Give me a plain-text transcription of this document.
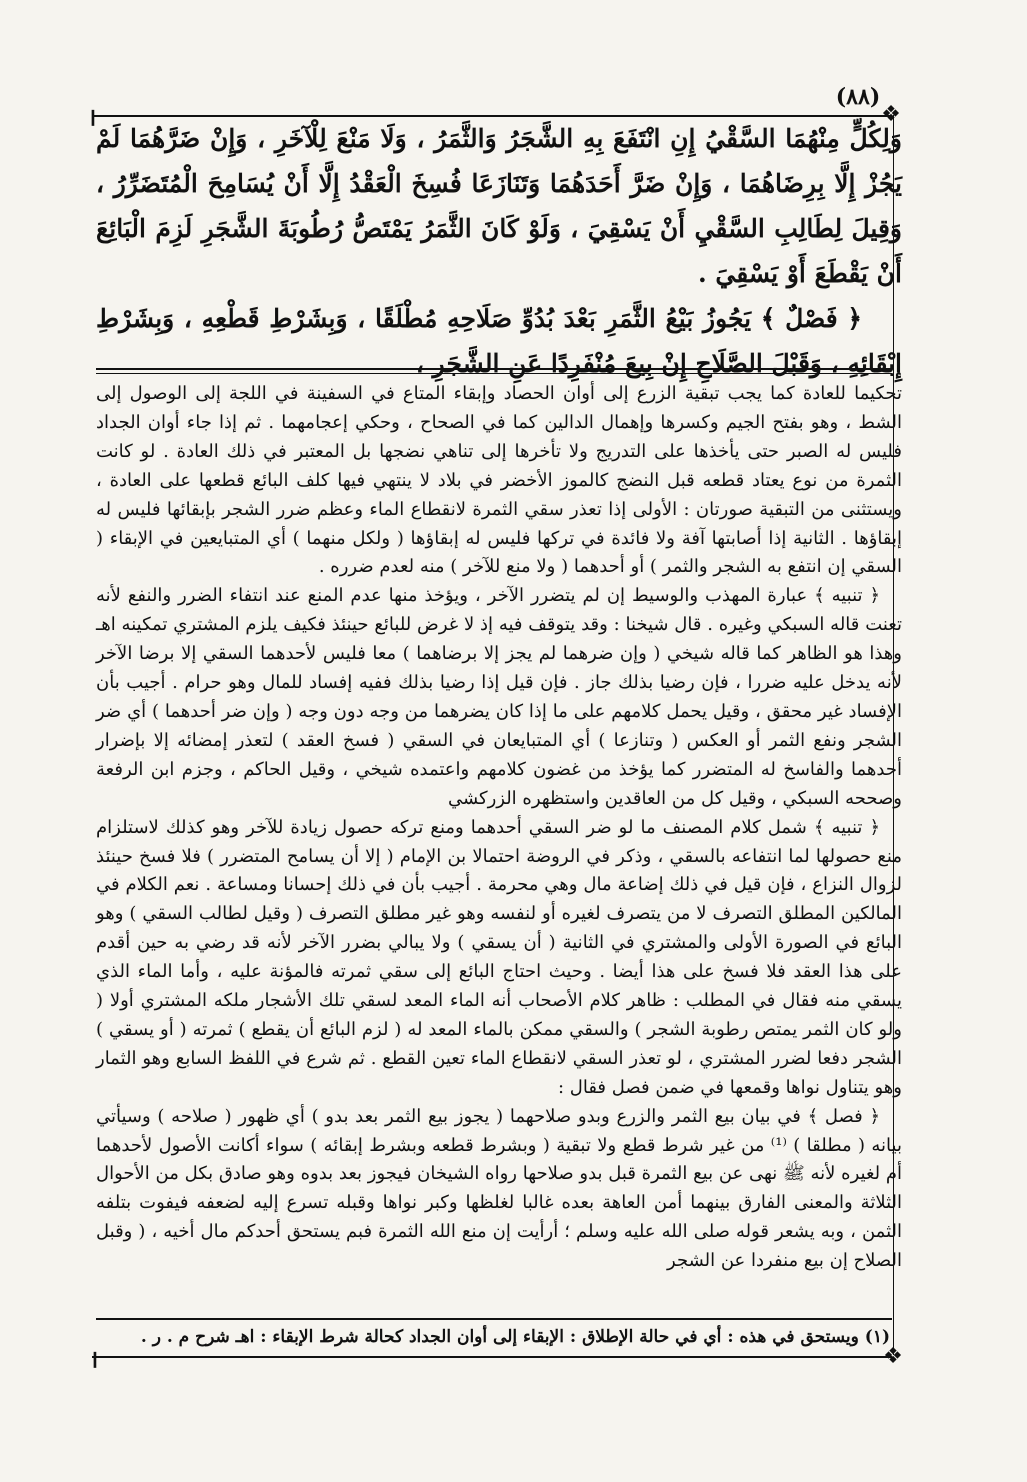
(٨٨)
❖
❙

وَلِكُلٍّ مِنْهُمَا السَّقْيُ إِنِ انْتَفَعَ بِهِ الشَّجَرُ وَالثَّمَرُ ، وَلَا مَنْعَ لِلْآخَرِ ، وَإِنْ ضَرَّهُمَا لَمْ يَجُزْ إِلَّا بِرِضَاهُمَا ، وَإِنْ ضَرَّ أَحَدَهُمَا وَتَنَازَعَا فُسِخَ الْعَقْدُ إِلَّا أَنْ يُسَامِحَ الْمُتَضَرِّرُ ، وَقِيلَ لِطَالِبِ السَّقْيِ أَنْ يَسْقِيَ ، وَلَوْ كَانَ الثَّمَرُ يَمْتَصُّ رُطُوبَةَ الشَّجَرِ لَزِمَ الْبَائِعَ أَنْ يَقْطَعَ أَوْ يَسْقِيَ .

﴿ فَصْلٌ ﴾ يَجُوزُ بَيْعُ الثَّمَرِ بَعْدَ بُدُوِّ صَلَاحِهِ مُطْلَقًا ، وَبِشَرْطِ قَطْعِهِ ، وَبِشَرْطِ إِبْقَائِهِ ، وَقَبْلَ الصَّلَاحِ إِنْ بِيعَ مُنْفَرِدًا عَنِ الشَّجَرِ ،

تحكيما للعادة كما يجب تبقية الزرع إلى أوان الحصاد وإبقاء المتاع في السفينة في اللجة إلى الوصول إلى الشط ، وهو بفتح الجيم وكسرها وإهمال الدالين كما في الصحاح ، وحكي إعجامهما . ثم إذا جاء أوان الجداد فليس له الصبر حتى يأخذها على التدريج ولا تأخرها إلى تناهي نضجها بل المعتبر في ذلك العادة . لو كانت الثمرة من نوع يعتاد قطعه قبل النضج كالموز الأخضر في بلاد لا ينتهي فيها كلف البائع قطعها على العادة ، ويستثنى من التبقية صورتان : الأولى إذا تعذر سقي الثمرة لانقطاع الماء وعظم ضرر الشجر بإبقائها فليس له إبقاؤها . الثانية إذا أصابتها آفة ولا فائدة في تركها فليس له إبقاؤها ( ولكل منهما ) أي المتبايعين في الإبقاء ( السقي إن انتفع به الشجر والثمر ) أو أحدهما ( ولا منع للآخر ) منه لعدم ضرره .

﴿ تنبيه ﴾ عبارة المهذب والوسيط إن لم يتضرر الآخر ، ويؤخذ منها عدم المنع عند انتفاء الضرر والنفع لأنه تعنت قاله السبكي وغيره . قال شيخنا : وقد يتوقف فيه إذ لا غرض للبائع حينئذ فكيف يلزم المشتري تمكينه اهـ وهذا هو الظاهر كما قاله شيخي ( وإن ضرهما لم يجز إلا برضاهما ) معا فليس لأحدهما السقي إلا برضا الآخر لأنه يدخل عليه ضررا ، فإن رضيا بذلك جاز . فإن قيل إذا رضيا بذلك ففيه إفساد للمال وهو حرام . أجيب بأن الإفساد غير محقق ، وقيل يحمل كلامهم على ما إذا كان يضرهما من وجه دون وجه ( وإن ضر أحدهما ) أي ضر الشجر ونفع الثمر أو العكس ( وتنازعا ) أي المتبايعان في السقي ( فسخ العقد ) لتعذر إمضائه إلا بإضرار أحدهما والفاسخ له المتضرر كما يؤخذ من غضون كلامهم واعتمده شيخي ، وقيل الحاكم ، وجزم ابن الرفعة وصححه السبكي ، وقيل كل من العاقدين واستظهره الزركشي

﴿ تنبيه ﴾ شمل كلام المصنف ما لو ضر السقي أحدهما ومنع تركه حصول زيادة للآخر وهو كذلك لاستلزام منع حصولها لما انتفاعه بالسقي ، وذكر في الروضة احتمالا بن الإمام ( إلا أن يسامح المتضرر ) فلا فسخ حينئذ لزوال النزاع ، فإن قيل في ذلك إضاعة مال وهي محرمة . أجيب بأن في ذلك إحسانا ومساعة . نعم الكلام في المالكين المطلق التصرف لا من يتصرف لغيره أو لنفسه وهو غير مطلق التصرف ( وقيل لطالب السقي ) وهو البائع في الصورة الأولى والمشتري في الثانية ( أن يسقي ) ولا يبالي بضرر الآخر لأنه قد رضي به حين أقدم على هذا العقد فلا فسخ على هذا أيضا . وحيث احتاج البائع إلى سقي ثمرته فالمؤنة عليه ، وأما الماء الذي يسقي منه فقال في المطلب : ظاهر كلام الأصحاب أنه الماء المعد لسقي تلك الأشجار ملكه المشتري أولا ( ولو كان الثمر يمتص رطوبة الشجر ) والسقي ممكن بالماء المعد له ( لزم البائع أن يقطع ) ثمرته ( أو يسقي ) الشجر دفعا لضرر المشتري ، لو تعذر السقي لانقطاع الماء تعين القطع . ثم شرع في اللفظ السابع وهو الثمار وهو يتناول نواها وقمعها في ضمن فصل فقال :

﴿ فصل ﴾ في بيان بيع الثمر والزرع وبدو صلاحهما ( يجوز بيع الثمر بعد بدو ) أي ظهور ( صلاحه ) وسيأتي بيانه ( مطلقا ) ⁽¹⁾ من غير شرط قطع ولا تبقية ( وبشرط قطعه وبشرط إبقائه ) سواء أكانت الأصول لأحدهما أم لغيره لأنه ﷺ نهى عن بيع الثمرة قبل بدو صلاحها رواه الشيخان فيجوز بعد بدوه وهو صادق بكل من الأحوال الثلاثة والمعنى الفارق بينهما أمن العاهة بعده غالبا لغلظها وكبر نواها وقبله تسرع إليه لضعفه فيفوت بتلفه الثمن ، وبه يشعر قوله صلى الله عليه وسلم ؛ أرأيت إن منع الله الثمرة فبم يستحق أحدكم مال أخيه ، ( وقبل الصلاح إن بيع منفردا عن الشجر

(١) ويستحق في هذه : أي في حالة الإطلاق : الإبقاء إلى أوان الجداد كحالة شرط الإبقاء : اهـ شرح م . ر .
❖
❙
